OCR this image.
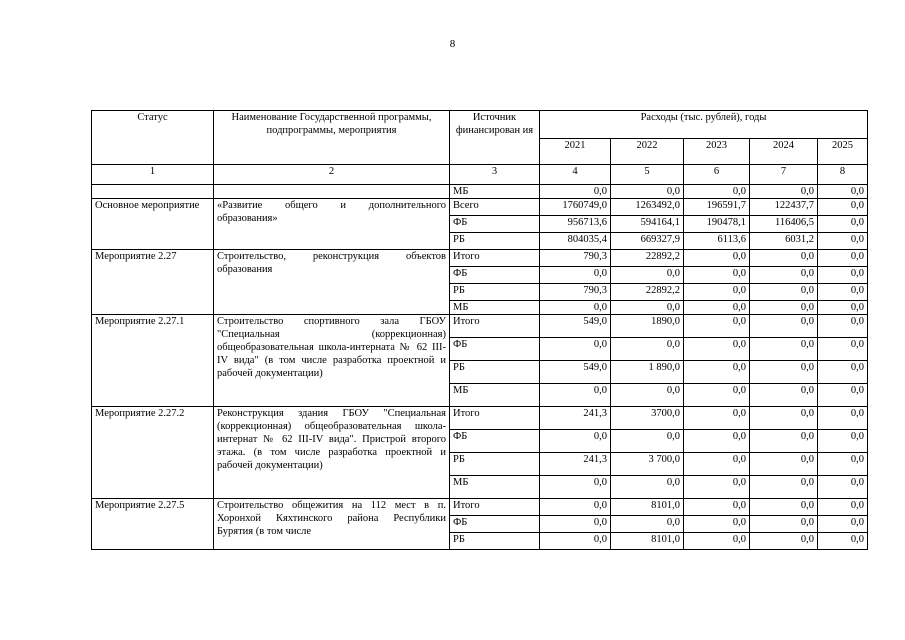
8
Статус	Наименование Государственной программы, подпрограммы, мероприятия	Источник финансирован ия	Расходы (тыс. рублей), годы				
			2021	2022	2023	2024	2025
1	2	3	4	5	6	7	8
		МБ	0,0	0,0	0,0	0,0	0,0
Основное мероприятие	«Развитие общего и дополнительного образования»	Всего	1760749,0	1263492,0	196591,7	122437,7	0,0
		ФБ	956713,6	594164,1	190478,1	116406,5	0,0
		РБ	804035,4	669327,9	6113,6	6031,2	0,0
Мероприятие 2.27	Строительство, реконструкция объектов образования	Итого	790,3	22892,2	0,0	0,0	0,0
		ФБ	0,0	0,0	0,0	0,0	0,0
		РБ	790,3	22892,2	0,0	0,0	0,0
		МБ	0,0	0,0	0,0	0,0	0,0
Мероприятие 2.27.1	Строительство спортивного зала ГБОУ "Специальная (коррекционная) общеобразовательная школа-интерната № 62 III-IV вида" (в том числе разработка проектной и рабочей документации)	Итого	549,0	1890,0	0,0	0,0	0,0
		ФБ	0,0	0,0	0,0	0,0	0,0
		РБ	549,0	1 890,0	0,0	0,0	0,0
		МБ	0,0	0,0	0,0	0,0	0,0
Мероприятие 2.27.2	Реконструкция здания ГБОУ "Специальная (коррекционная) общеобразовательная школа-интернат № 62 III-IV вида". Пристрой второго этажа. (в том числе разработка проектной и рабочей документации)	Итого	241,3	3700,0	0,0	0,0	0,0
		ФБ	0,0	0,0	0,0	0,0	0,0
		РБ	241,3	3 700,0	0,0	0,0	0,0
		МБ	0,0	0,0	0,0	0,0	0,0
Мероприятие 2.27.5	Строительство общежития на 112 мест в п. Хоронхой Кяхтинского района Республики Бурятия (в том числе	Итого	0,0	8101,0	0,0	0,0	0,0
		ФБ	0,0	0,0	0,0	0,0	0,0
		РБ	0,0	8101,0	0,0	0,0	0,0
